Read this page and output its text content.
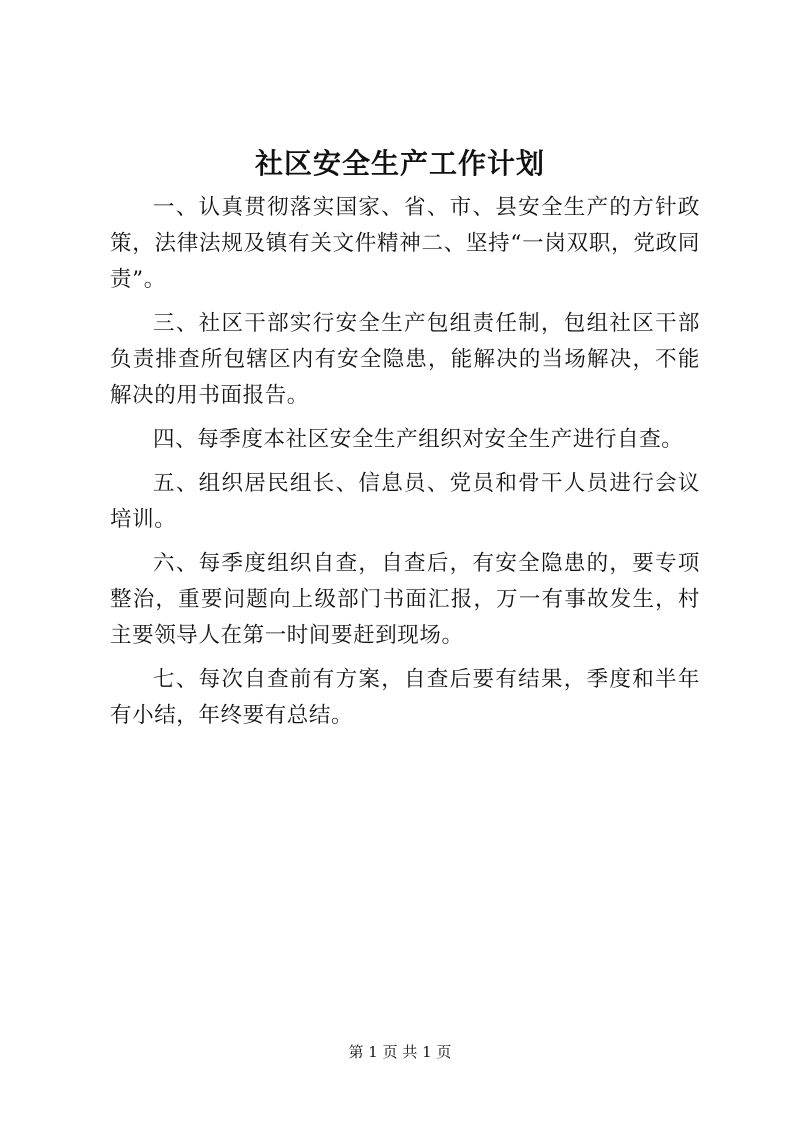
社区安全生产工作计划

一、认真贯彻落实国家、省、市、县安全生产的方针政策，法律法规及镇有关文件精神二、坚持“一岗双职，党政同责”。

三、社区干部实行安全生产包组责任制，包组社区干部负责排查所包辖区内有安全隐患，能解决的当场解决，不能解决的用书面报告。

四、每季度本社区安全生产组织对安全生产进行自查。

五、组织居民组长、信息员、党员和骨干人员进行会议培训。

六、每季度组织自查，自查后，有安全隐患的，要专项整治，重要问题向上级部门书面汇报，万一有事故发生，村主要领导人在第一时间要赶到现场。

七、每次自查前有方案，自查后要有结果，季度和半年有小结，年终要有总结。

第 1 页 共 1 页
